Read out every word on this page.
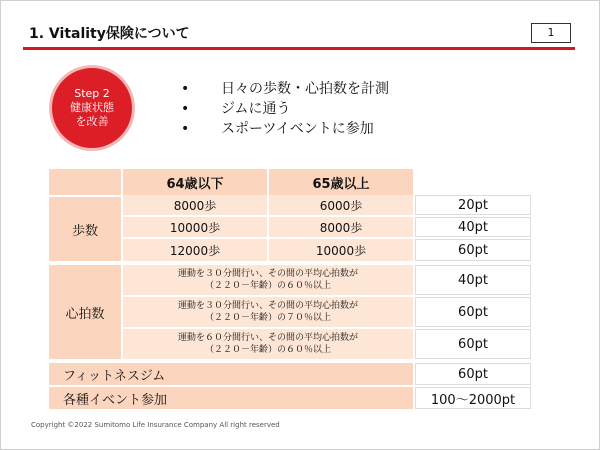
1. Vitality保険について	1
Step 2
健康状態
を改善
• 日々の歩数・心拍数を計測
• ジムに通う
• スポーツイベントに参加
64歳以下	65歳以上
歩数
8000歩	6000歩	20pt
10000歩	8000歩	40pt
12000歩	10000歩	60pt
心拍数
運動を３０分間行い、その間の平均心拍数が
（２２０－年齢）の６０％以上	40pt
運動を３０分間行い、その間の平均心拍数が
（２２０－年齢）の７０％以上	60pt
運動を６０分間行い、その間の平均心拍数が
（２２０－年齢）の６０％以上	60pt
フィットネスジム	60pt
各種イベント参加	100～2000pt
Copyright ©2022 Sumitomo Life Insurance Company All right reserved
